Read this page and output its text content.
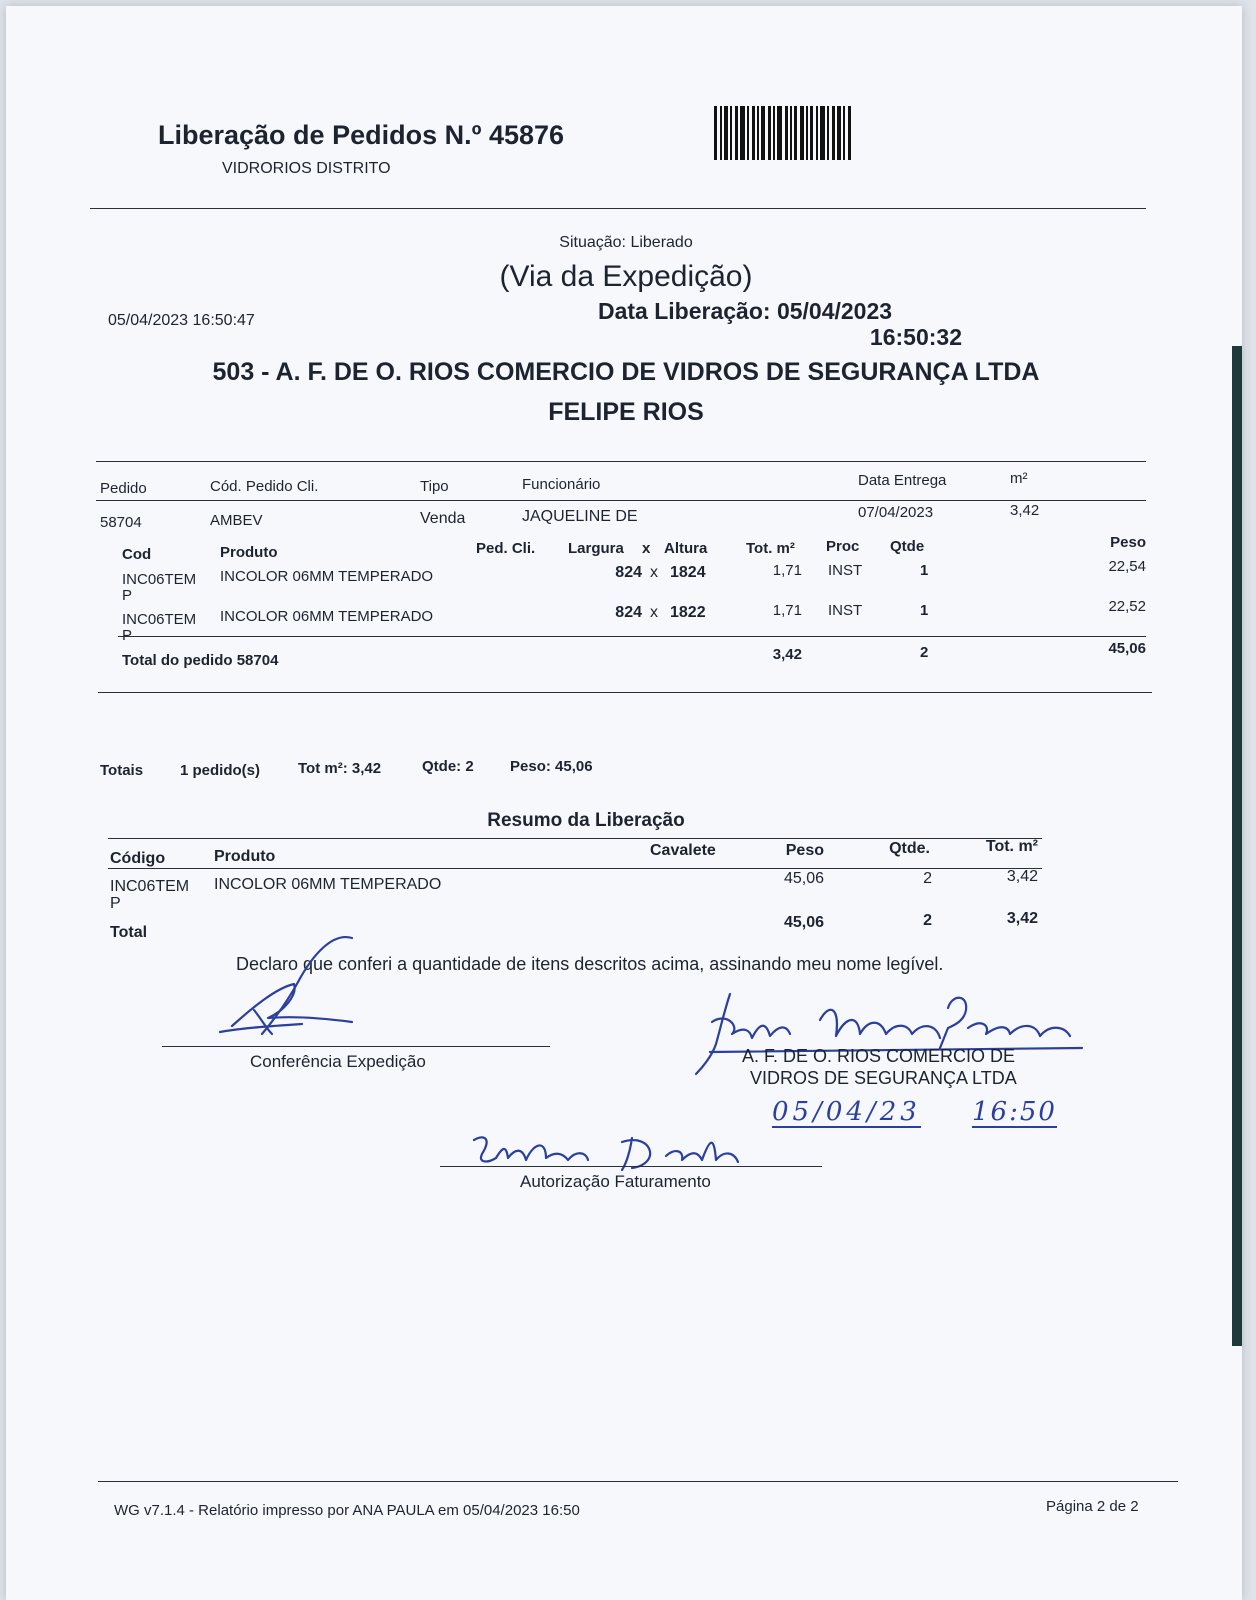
Liberação de Pedidos N.º 45876
VIDRORIOS DISTRITO
Situação: Liberado
(Via da Expedição)
05/04/2023 16:50:47	Data Liberação: 05/04/2023
16:50:32
503 - A. F. DE O. RIOS COMERCIO DE VIDROS DE SEGURANÇA LTDA
FELIPE RIOS
Pedido	Cód. Pedido Cli.	Tipo	Funcionário	Data Entrega	m²
58704	AMBEV	Venda	JAQUELINE DE	07/04/2023	3,42
Cod	Produto	Ped. Cli. Largura x Altura	Tot. m² Proc Qtde	Peso
INC06TEM
P
INCOLOR 06MM TEMPERADO	824 x 1824	1,71 INST	1	22,54
INC06TEM
P
INCOLOR 06MM TEMPERADO	824 x 1822	1,71 INST	1	22,52
Total do pedido 58704	3,42	2	45,06
Totais 1 pedido(s)	Tot m²: 3,42	Qtde: 2 Peso: 45,06
Resumo da Liberação
Código	Produto	Cavalete	Peso	Qtde.	Tot. m²
INC06TEM
P
INCOLOR 06MM TEMPERADO	45,06	2	3,42
Total
45,06	2	3,42
Declaro que conferi a quantidade de itens descritos acima, assinando meu nome legível.
Conferência Expedição	A. F. DE O. RIOS COMERCIO DE
VIDROS DE SEGURANÇA LTDA
05/04/23 16:50
Autorização Faturamento
WG v7.1.4 - Relatório impresso por ANA PAULA em 05/04/2023 16:50	Página 2 de 2
